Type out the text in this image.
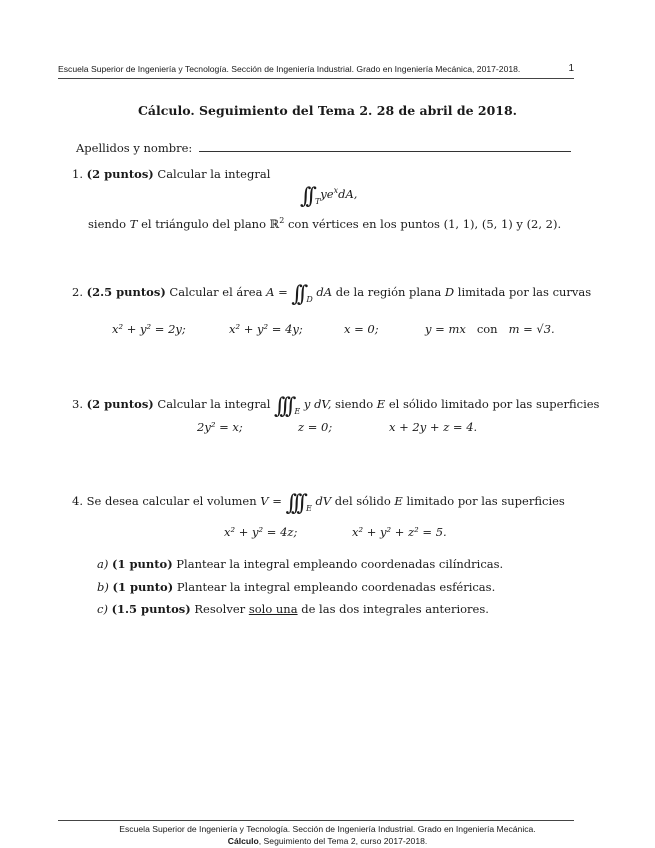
Escuela Superior de Ingeniería y Tecnología. Sección de Ingeniería Industrial. Grado en Ingeniería Mecánica, 2017-2018.	1
Cálculo. Seguimiento del Tema 2. 28 de abril de 2018.
Apellidos y nombre:
1. (2 puntos) Calcular la integral
∫∫ $_Tye^xdA$,
siendo T el triángulo del plano ℝ$^2$ con vértices en los puntos (1, 1), (5, 1) y (2, 2).
2. (2.5 puntos) Calcular el área A = ∫∫ $_D$ dA de la región plana D limitada por las curvas
x² + y² = 2y;	x² + y² = 4y;	x = 0;	y = mx con m = √3.
3. (2 puntos) Calcular la integral ∫∫∫ $_E$ y dV, siendo E el sólido limitado por las superficies
2y² = x;	z = 0;	x + 2y + z = 4.
4. Se desea calcular el volumen V = ∫∫∫ $_E$ dV del sólido E limitado por las superficies
x² + y² = 4z;	x² + y² + z² = 5.
a) (1 punto) Plantear la integral empleando coordenadas cilíndricas.
b) (1 punto) Plantear la integral empleando coordenadas esféricas.
c) (1.5 puntos) Resolver solo una de las dos integrales anteriores.
Escuela Superior de Ingeniería y Tecnología. Sección de Ingeniería Industrial. Grado en Ingeniería Mecánica.
Cálculo, Seguimiento del Tema 2, curso 2017-2018.
